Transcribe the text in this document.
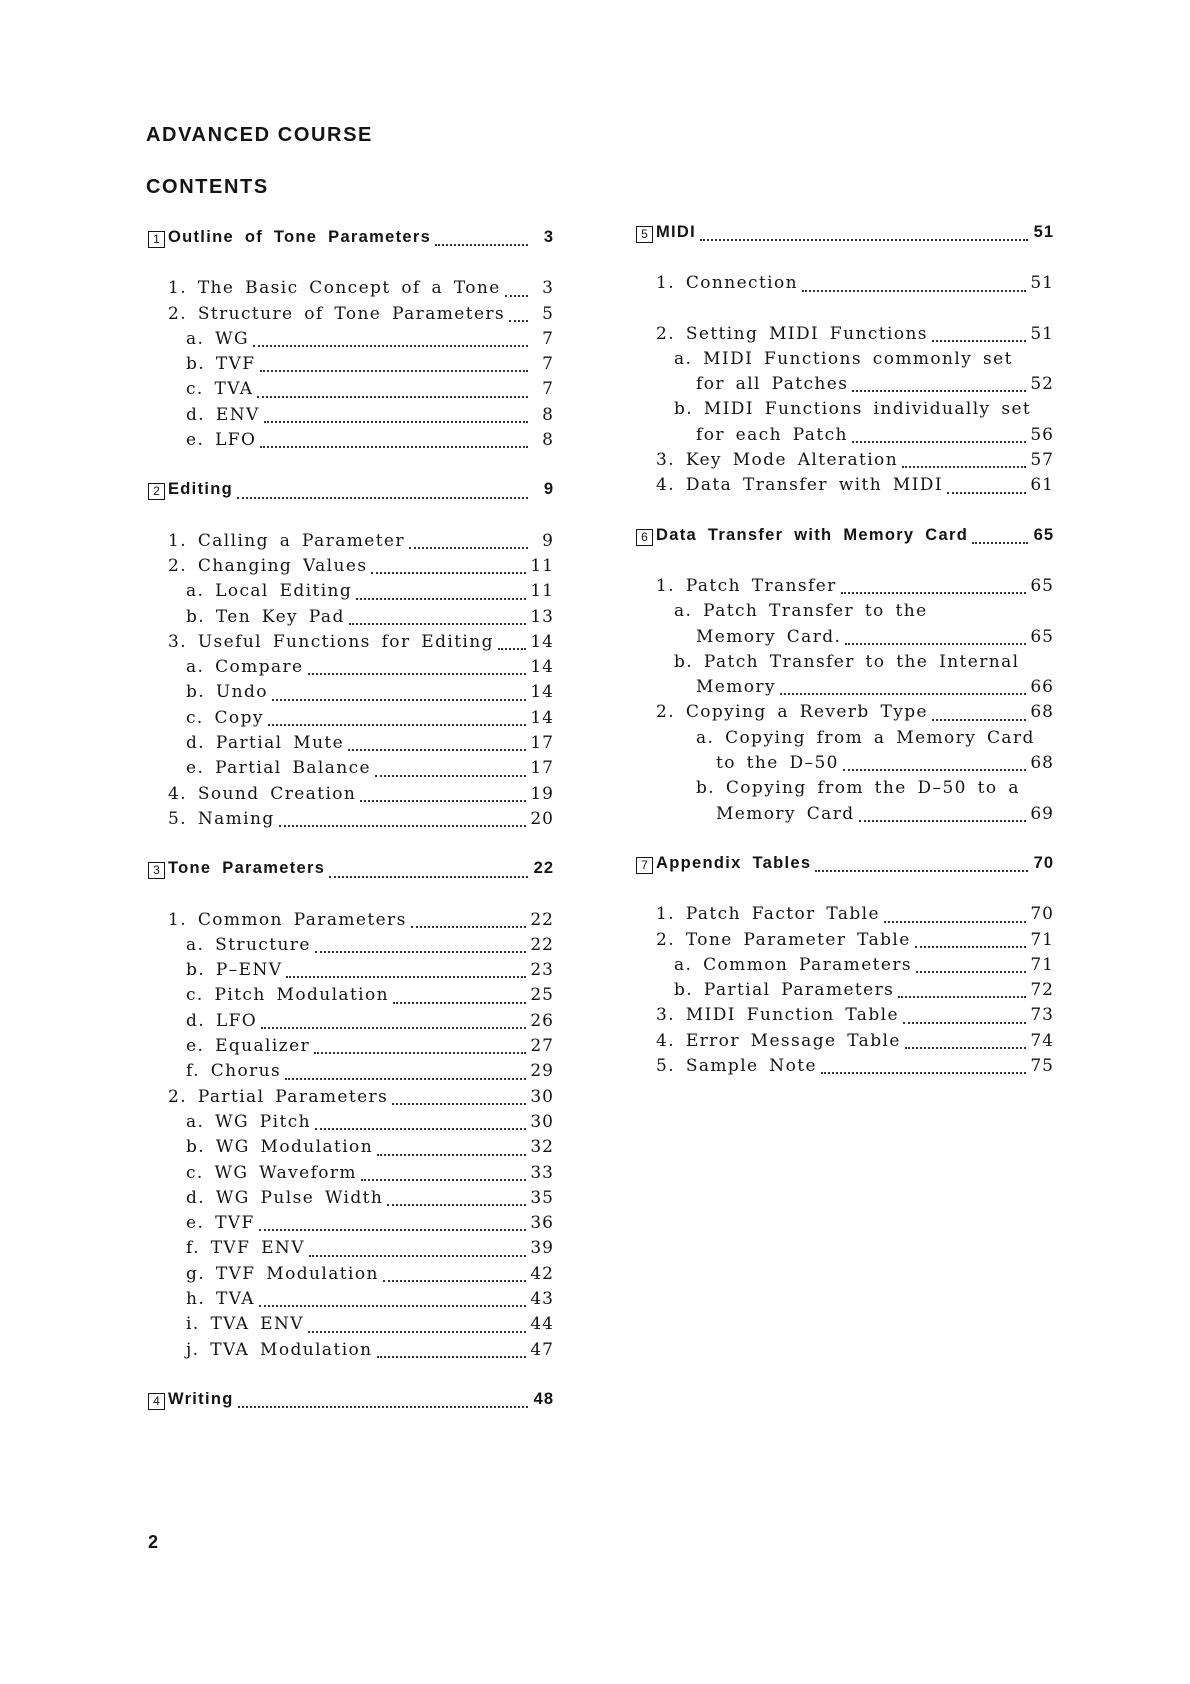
ADVANCED COURSE
CONTENTS
1 Outline of Tone Parameters	3
1. The Basic Concept of a Tone	3
2. Structure of Tone Parameters	5
a. WG	7
b. TVF	7
c. TVA	7
d. ENV	8
e. LFO	8
2 Editing	9
1. Calling a Parameter	9
2. Changing Values	11
a. Local Editing	11
b. Ten Key Pad	13
3. Useful Functions for Editing 14
a. Compare	14
b. Undo	14
c. Copy	14
d. Partial Mute	17
e. Partial Balance	17
4. Sound Creation	19
5. Naming	20
3 Tone Parameters	22
1. Common Parameters	22
a. Structure	22
b. P–ENV	23
c. Pitch Modulation	25
d. LFO	26
e. Equalizer	27
f. Chorus	29
2. Partial Parameters	30
a. WG Pitch	30
b. WG Modulation	32
c. WG Waveform	33
d. WG Pulse Width	35
e. TVF	36
f. TVF ENV	39
g. TVF Modulation	42
h. TVA	43
i. TVA ENV	44
j. TVA Modulation	47
4 Writing	48
5 MIDI	51
1. Connection	51
2. Setting MIDI Functions	51
a. MIDI Functions commonly set
for all Patches	52
b. MIDI Functions individually set
for each Patch	56
3. Key Mode Alteration	57
4. Data Transfer with MIDI	61
6 Data Transfer with Memory Card	65
1. Patch Transfer	65
a. Patch Transfer to the
Memory Card.	65
b. Patch Transfer to the Internal
Memory	66
2. Copying a Reverb Type	68
a. Copying from a Memory Card
to the D–50	68
b. Copying from the D–50 to a
Memory Card	69
7 Appendix Tables	70
1. Patch Factor Table	70
2. Tone Parameter Table	71
a. Common Parameters	71
b. Partial Parameters	72
3. MIDI Function Table	73
4. Error Message Table	74
5. Sample Note	75
2
